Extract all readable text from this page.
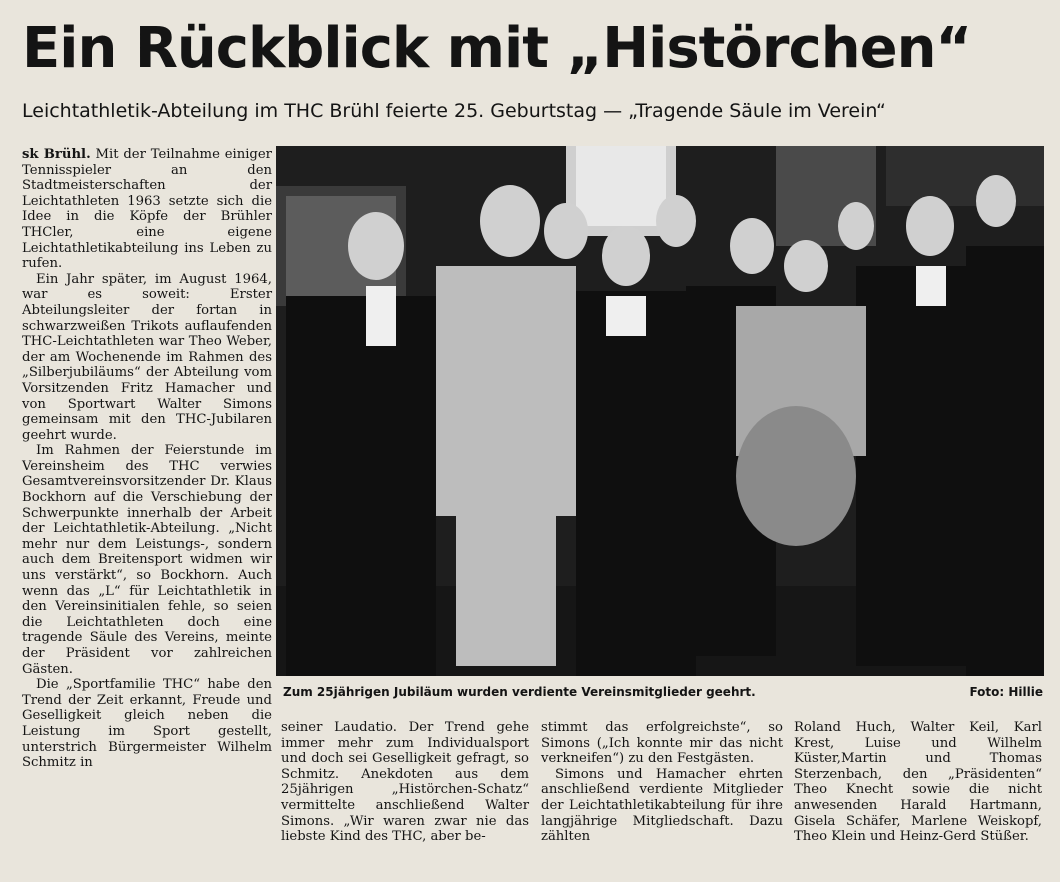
Ein Rückblick mit „Histörchen“
Leichtathletik-Abteilung im THC Brühl feierte 25. Geburtstag — „Tragende Säule im Verein“

sk Brühl. Mit der Teilnahme einiger Tennisspieler an den Stadtmeisterschaften der Leichtathleten 1963 setzte sich die Idee in die Köpfe der Brühler THCler, eine eigene Leichtathletikabteilung ins Leben zu rufen.

Ein Jahr später, im August 1964, war es soweit: Erster Abteilungsleiter der fortan in schwarzweißen Trikots auflaufenden THC-Leichtathleten war Theo Weber, der am Wochenende im Rahmen des „Silberjubiläums“ der Abteilung vom Vorsitzenden Fritz Hamacher und von Sportwart Walter Simons gemeinsam mit den THC-Jubilaren geehrt wurde.

Im Rahmen der Feierstunde im Vereinsheim des THC verwies Gesamtvereinsvorsitzender Dr. Klaus Bockhorn auf die Verschiebung der Schwerpunkte innerhalb der Arbeit der Leichtathletik-Abteilung. „Nicht mehr nur dem Leistungs-, sondern auch dem Breitensport widmen wir uns verstärkt“, so Bockhorn. Auch wenn das „L“ für Leichtathletik in den Vereinsinitialen fehle, so seien die Leichtathleten doch eine tragende Säule des Vereins, meinte der Präsident vor zahlreichen Gästen.

Die „Sportfamilie THC“ habe den Trend der Zeit erkannt, Freude und Geselligkeit gleich neben die Leistung im Sport gestellt, unterstrich Bürgermeister Wilhelm Schmitz in

Zum 25jährigen Jubiläum wurden verdiente Vereinsmitglieder geehrt.	Foto: Hillie

seiner Laudatio. Der Trend gehe immer mehr zum Individualsport und doch sei Geselligkeit gefragt, so Schmitz. Anekdoten aus dem 25jährigen „Histörchen-Schatz“ vermittelte anschließend Walter Simons. „Wir waren zwar nie das liebste Kind des THC, aber be-

stimmt das erfolgreichste“, so Simons („Ich konnte mir das nicht verkneifen“) zu den Festgästen.

Simons und Hamacher ehrten anschließend verdiente Mitglieder der Leichtathletikabteilung für ihre langjährige Mitgliedschaft. Dazu zählten

Roland Huch, Walter Keil, Karl Krest, Luise und Wilhelm Küster,Martin und Thomas Sterzenbach, den „Präsidenten“ Theo Knecht sowie die nicht anwesenden Harald Hartmann, Gisela Schäfer, Marlene Weiskopf, Theo Klein und Heinz-Gerd Stüßer.
